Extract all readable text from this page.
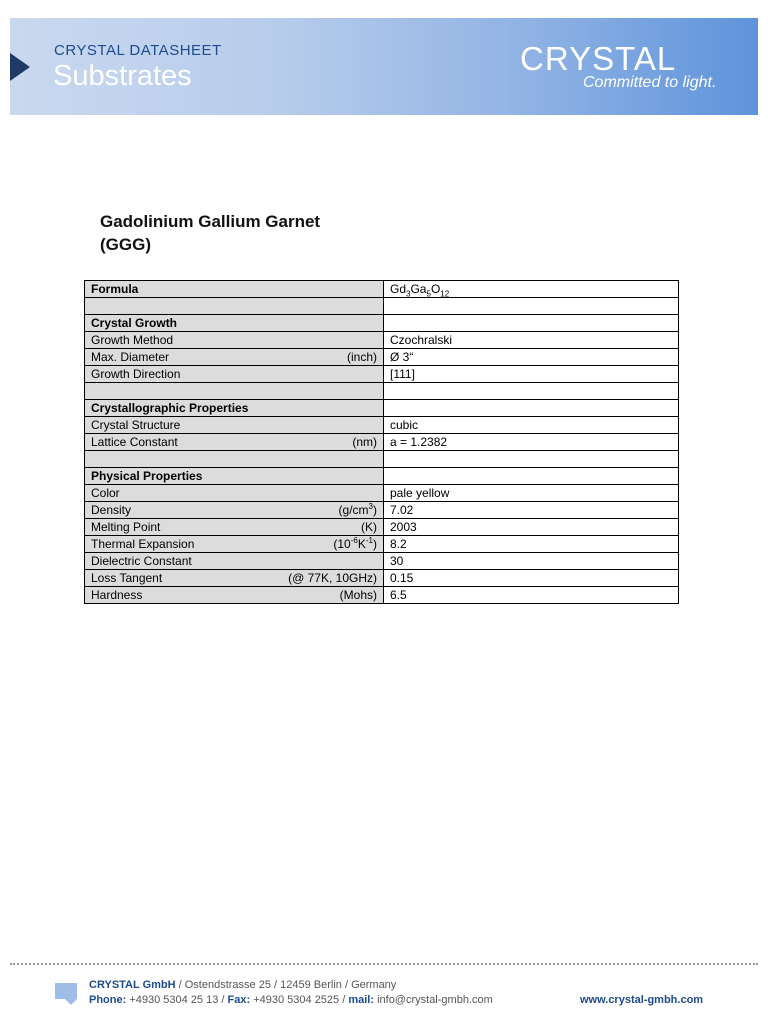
CRYSTAL DATASHEET
Substrates	CRYSTAL
Committed to light.
Gadolinium Gallium Garnet
(GGG)
Formula	$Gd_3Ga_5O_{12}$

Crystal Growth	

Growth Method	Czochralski

Max. Diameter (inch)	Ø 3“

Growth Direction	[111]

Crystallographic Properties	

Crystal Structure	cubic

Lattice Constant (nm)	a = 1.2382

Physical Properties	

Color	pale yellow

Density $(g/cm^3)$	7.02

Melting Point (K)	2003

Thermal Expansion $(10^{-6}K^{-1})$	8.2

Dielectric Constant	30

Loss Tangent (@ 77K, 10GHz)	0.15

Hardness (Mohs)	6.5
CRYSTAL GmbH / Ostendstrasse 25 / 12459 Berlin / Germany
Phone: +4930 5304 25 13 / Fax: +4930 5304 2525 / mail: info@crystal-gmbh.com	www.crystal-gmbh.com
